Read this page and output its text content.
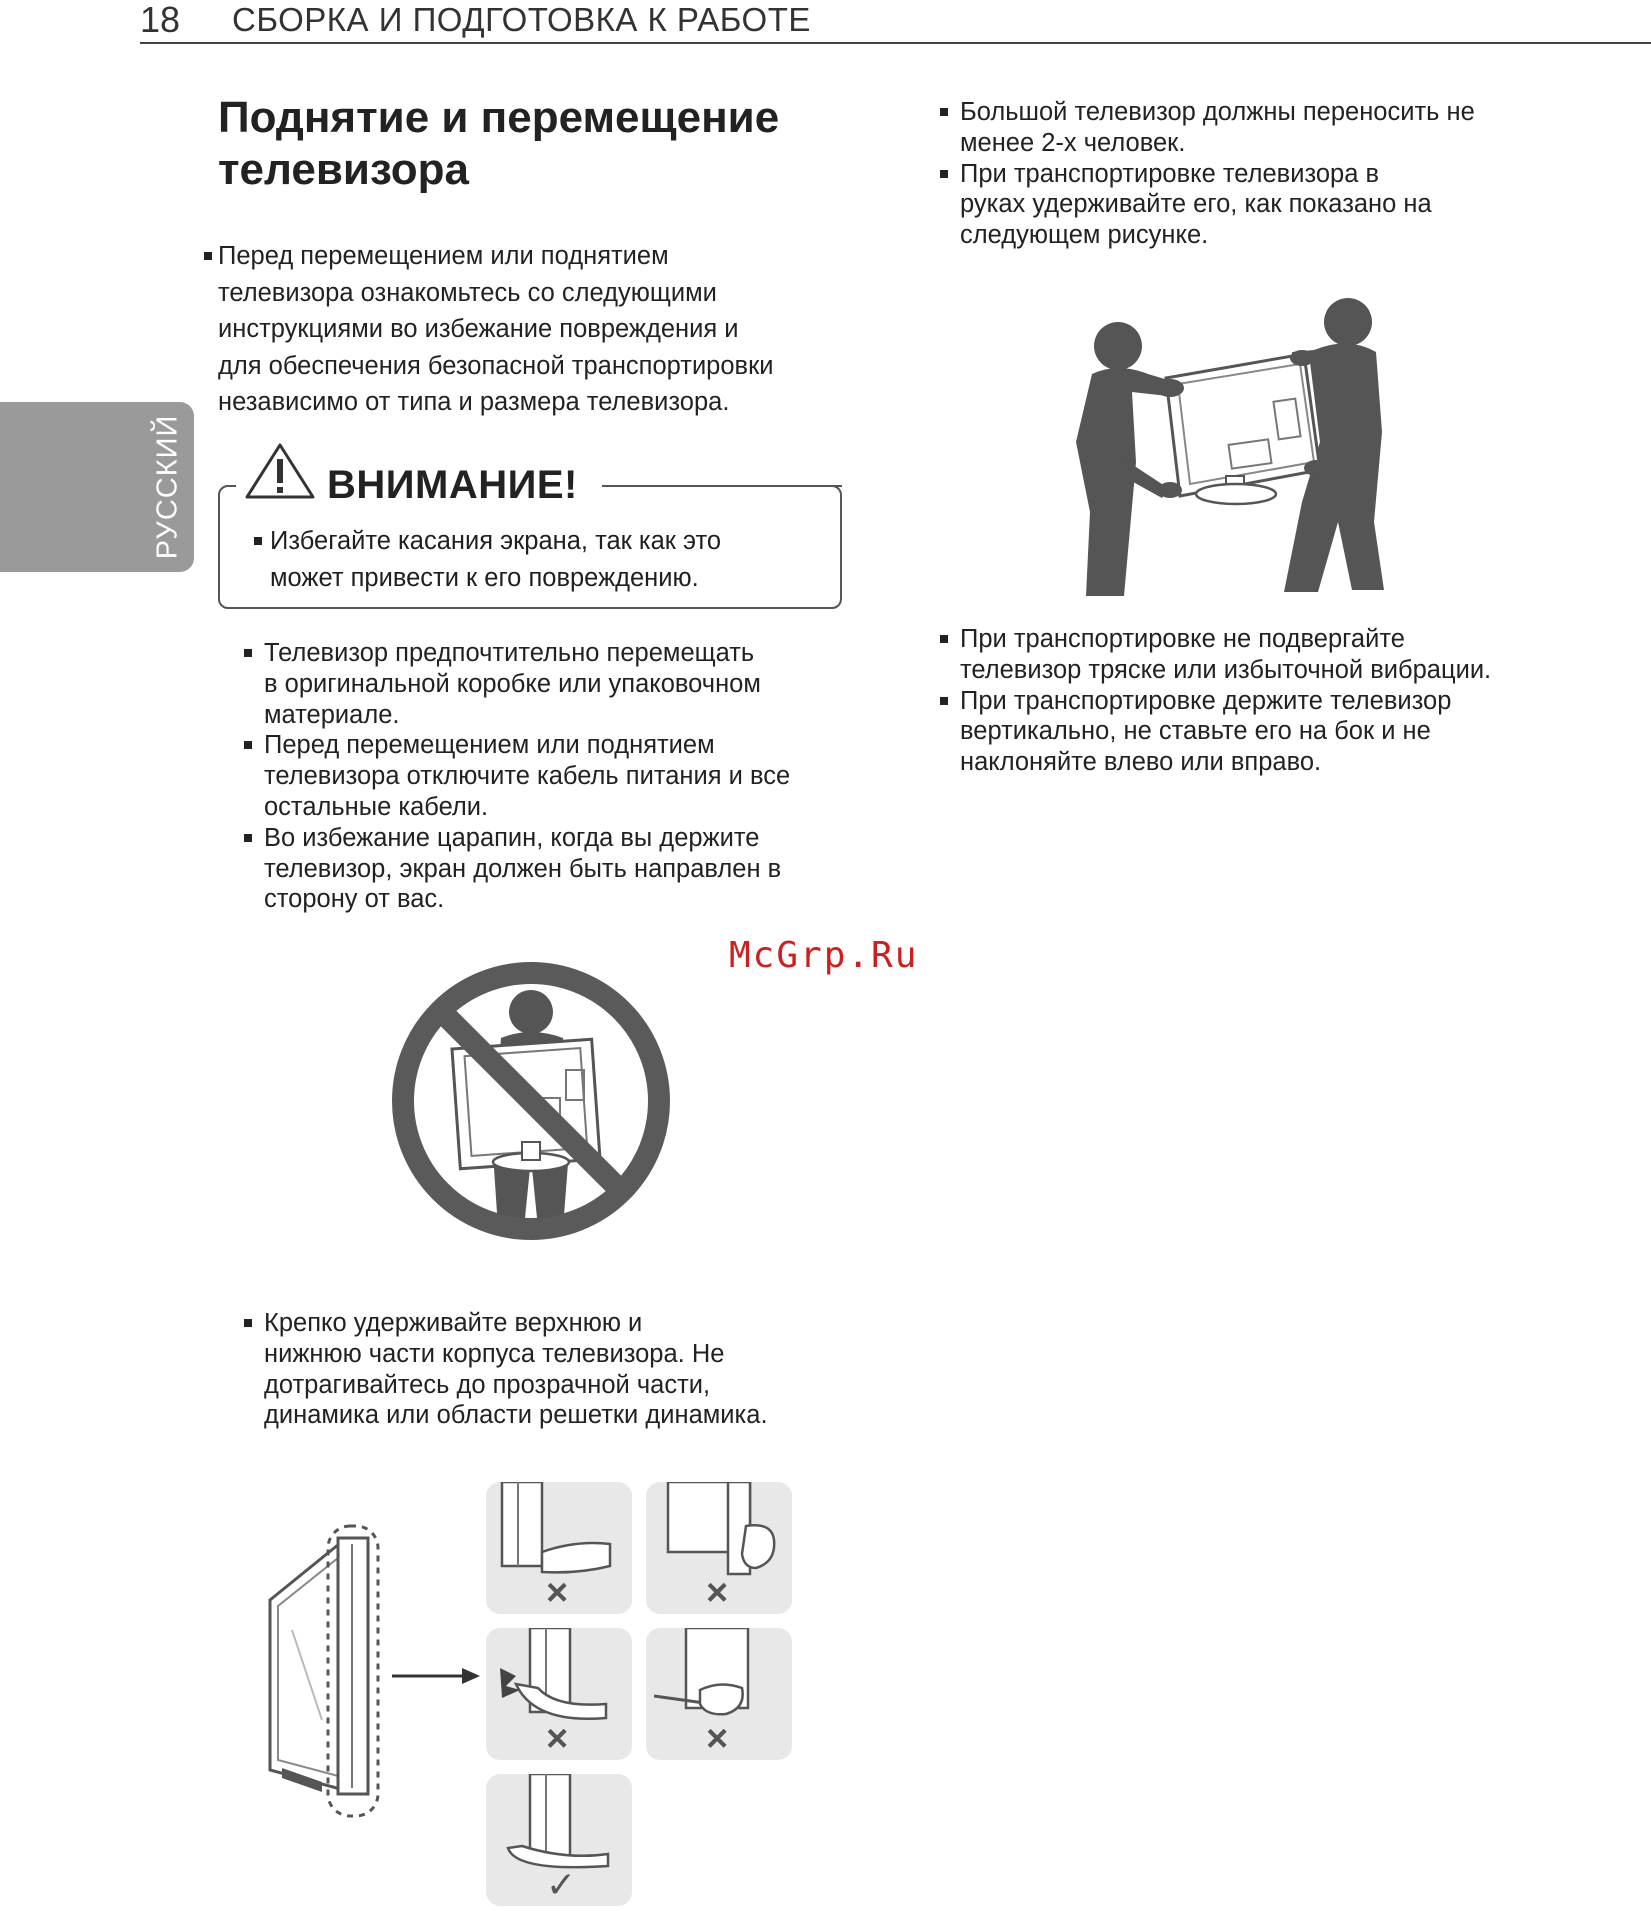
18 СБОРКА И ПОДГОТОВКА К РАБОТЕ
РУССКИЙ
Поднятие и перемещение
телевизора
Перед перемещением или поднятием
телевизора ознакомьтесь со следующими
инструкциями во избежание повреждения и
для обеспечения безопасной транспортировки
независимо от типа и размера телевизора.
ВНИМАНИЕ!
Избегайте касания экрана, так как это
может привести к его повреждению.
Телевизор предпочтительно перемещать
в оригинальной коробке или упаковочном
материале.
Перед перемещением или поднятием
телевизора отключите кабель питания и все
остальные кабели.
Во избежание царапин, когда вы держите
телевизор, экран должен быть направлен в
сторону от вас.
McGrp.Ru
Крепко удерживайте верхнюю и
нижнюю части корпуса телевизора. Не
дотрагивайтесь до прозрачной части,
динамика или области решетки динамика.
×	×
×	×
✓
Большой телевизор должны переносить не
менее 2-х человек.
При транспортировке телевизора в
руках удерживайте его, как показано на
следующем рисунке.
При транспортировке не подвергайте
телевизор тряске или избыточной вибрации.
При транспортировке держите телевизор
вертикально, не ставьте его на бок и не
наклоняйте влево или вправо.
